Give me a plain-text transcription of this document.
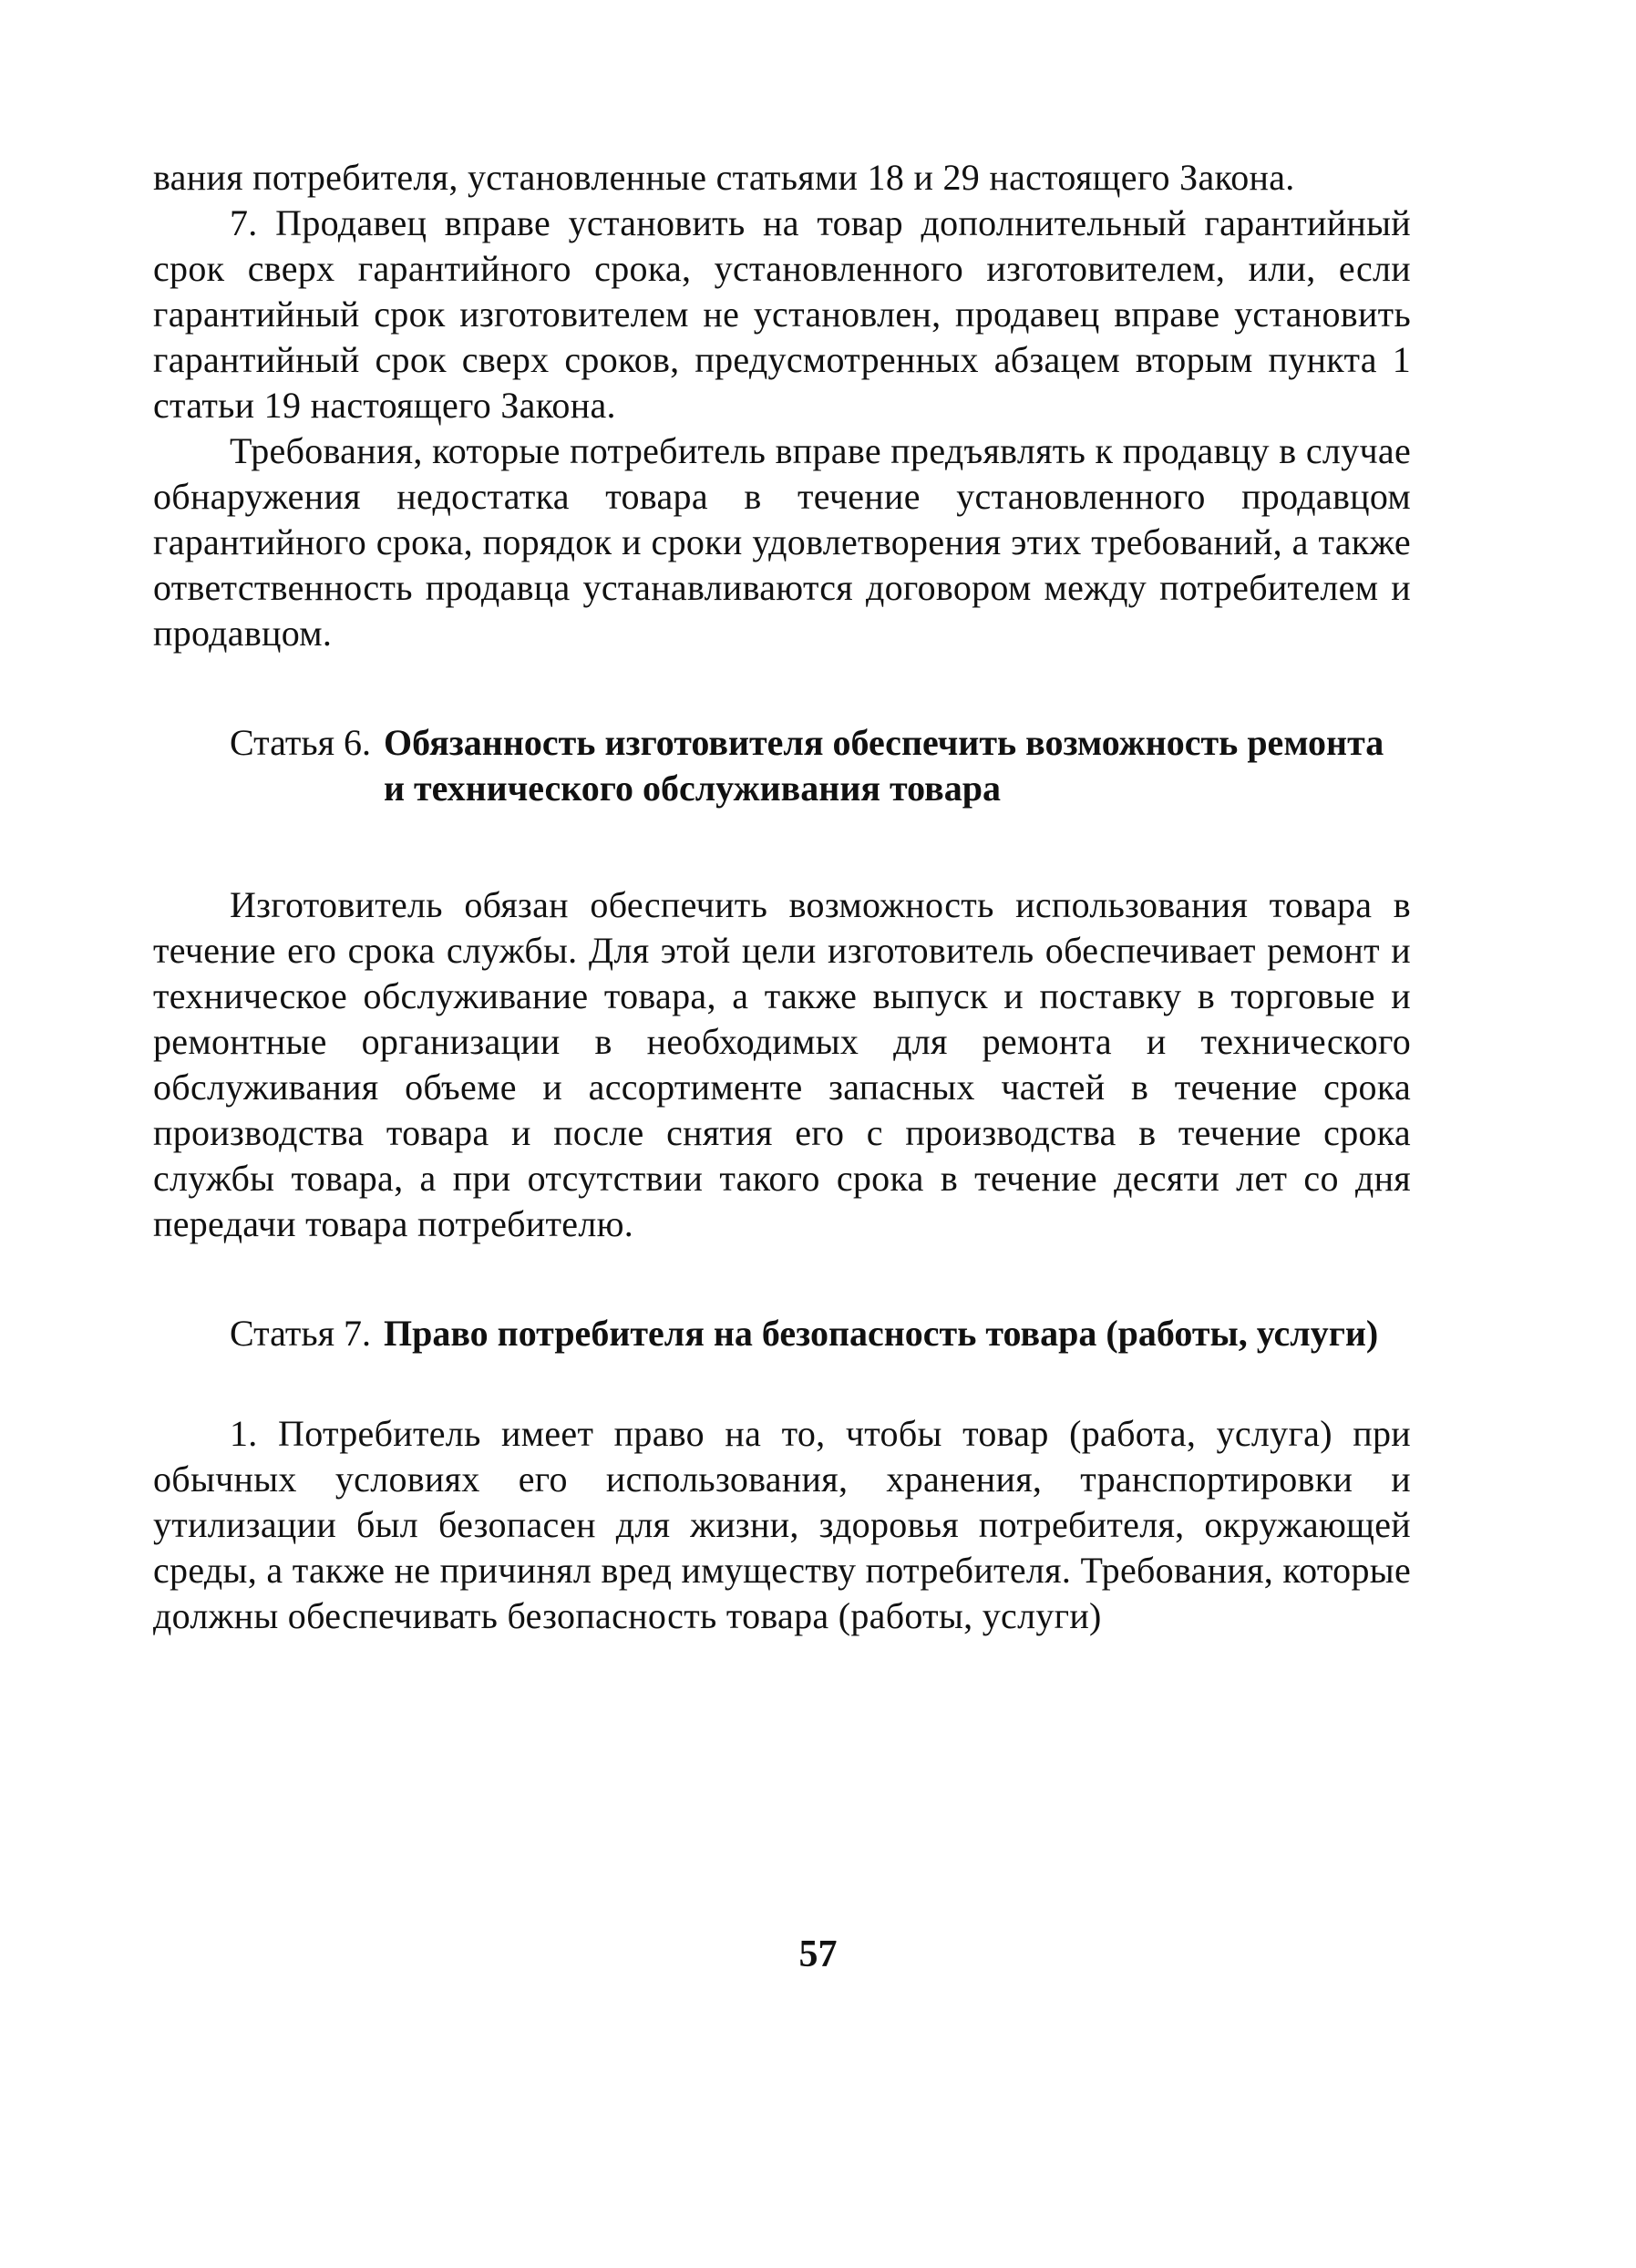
вания потребителя, установленные статьями 18 и 29 настоящего Закона.

7. Продавец вправе установить на товар дополнительный гарантийный срок сверх гарантийного срока, установленного изготовителем, или, если гарантийный срок изготовителем не установлен, продавец вправе установить гарантийный срок сверх сроков, предусмотренных абзацем вторым пункта 1 статьи 19 настоящего Закона.

Требования, которые потребитель вправе предъявлять к продавцу в случае обнаружения недостатка товара в течение установленного продавцом гарантийного срока, порядок и сроки удовлетворения этих требований, а также ответственность продавца устанавливаются договором между потребителем и продавцом.

Статья 6. Обязанность изготовителя обеспечить возможность ремонта и технического обслуживания товара

Изготовитель обязан обеспечить возможность использования товара в течение его срока службы. Для этой цели изготовитель обеспечивает ремонт и техническое обслуживание товара, а также выпуск и поставку в торговые и ремонтные организации в необходимых для ремонта и технического обслуживания объеме и ассортименте запасных частей в течение срока производства товара и после снятия его с производства в течение срока службы товара, а при отсутствии такого срока в течение десяти лет со дня передачи товара потребителю.

Статья 7. Право потребителя на безопасность товара (работы, услуги)

1. Потребитель имеет право на то, чтобы товар (работа, услуга) при обычных условиях его использования, хранения, транспортировки и утилизации был безопасен для жизни, здоровья потребителя, окружающей среды, а также не причинял вред имуществу потребителя. Требования, которые должны обеспечивать безопасность товара (работы, услуги)

57
